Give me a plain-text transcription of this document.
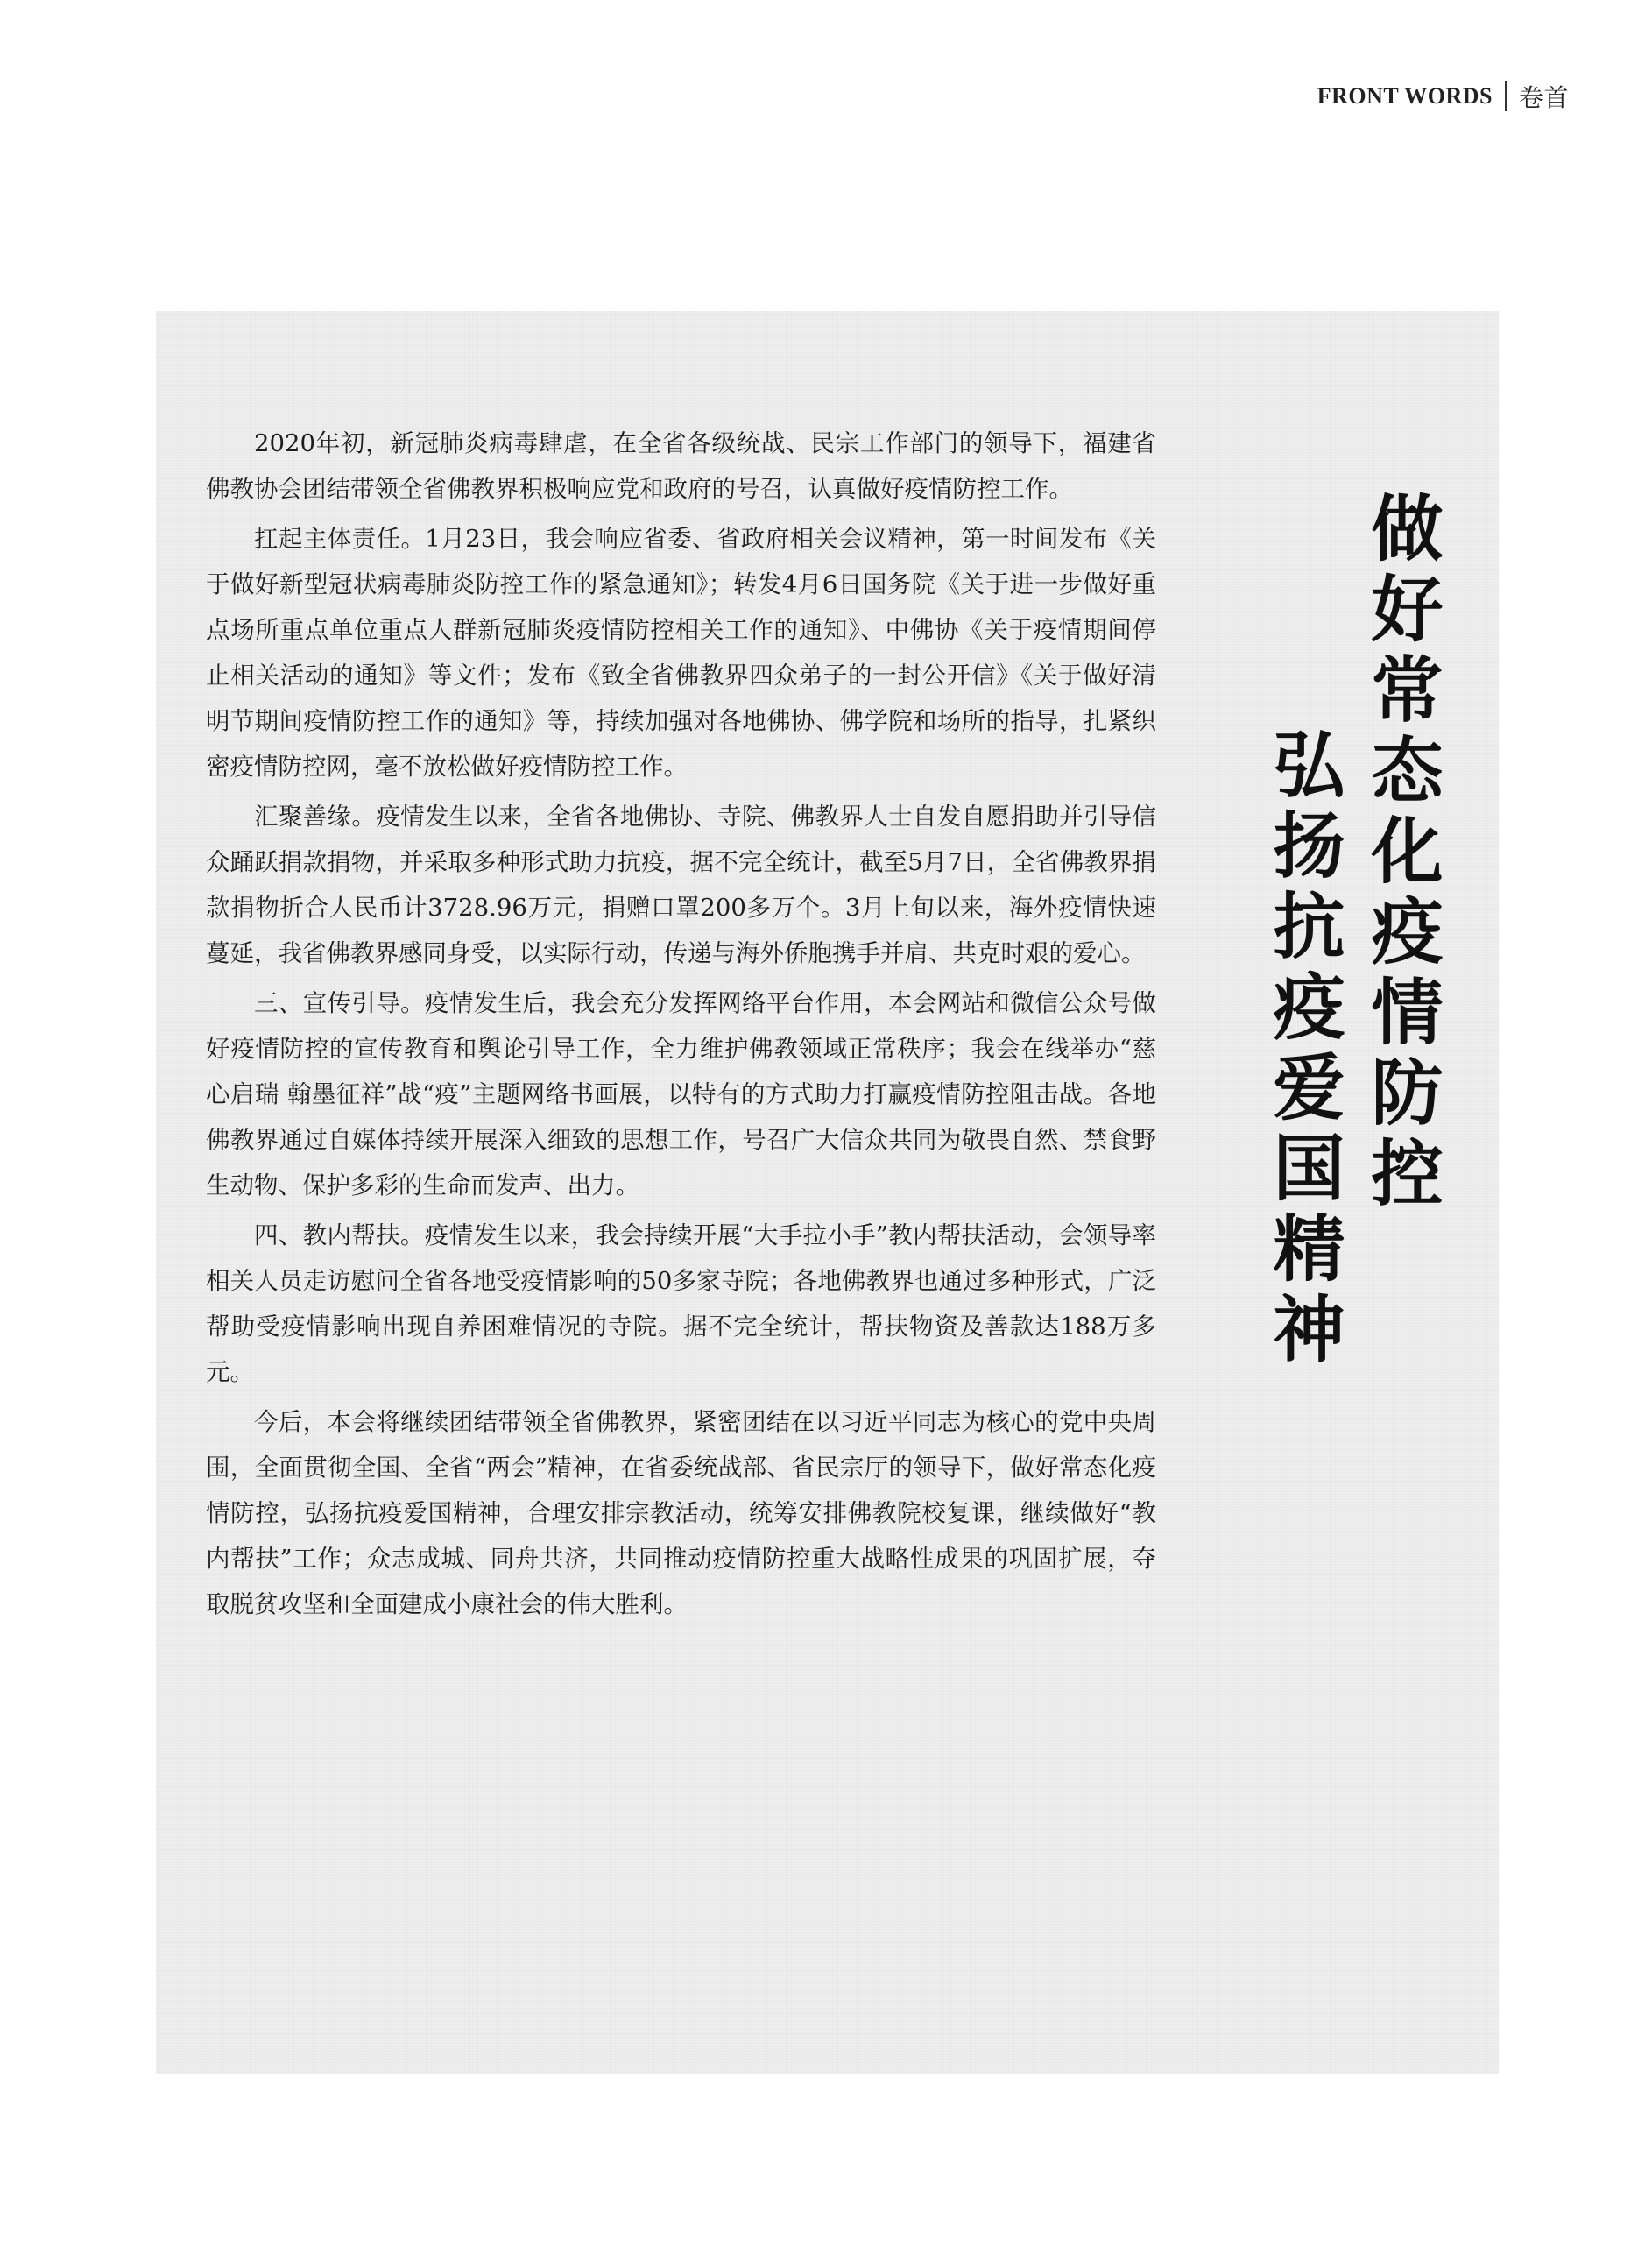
FRONT WORDS 卷首

2020年初，新冠肺炎病毒肆虐，在全省各级统战、民宗工作部门的领导下，福建省佛教协会团结带领全省佛教界积极响应党和政府的号召，认真做好疫情防控工作。

扛起主体责任。1月23日，我会响应省委、省政府相关会议精神，第一时间发布《关于做好新型冠状病毒肺炎防控工作的紧急通知》；转发4月6日国务院《关于进一步做好重点场所重点单位重点人群新冠肺炎疫情防控相关工作的通知》、中佛协《关于疫情期间停止相关活动的通知》等文件；发布《致全省佛教界四众弟子的一封公开信》《关于做好清明节期间疫情防控工作的通知》等，持续加强对各地佛协、佛学院和场所的指导，扎紧织密疫情防控网，毫不放松做好疫情防控工作。

汇聚善缘。疫情发生以来，全省各地佛协、寺院、佛教界人士自发自愿捐助并引导信众踊跃捐款捐物，并采取多种形式助力抗疫，据不完全统计，截至5月7日，全省佛教界捐款捐物折合人民币计3728.96万元，捐赠口罩200多万个。3月上旬以来，海外疫情快速蔓延，我省佛教界感同身受，以实际行动，传递与海外侨胞携手并肩、共克时艰的爱心。

三、宣传引导。疫情发生后，我会充分发挥网络平台作用，本会网站和微信公众号做好疫情防控的宣传教育和舆论引导工作，全力维护佛教领域正常秩序；我会在线举办“慈心启瑞 翰墨征祥”战“疫”主题网络书画展，以特有的方式助力打赢疫情防控阻击战。各地佛教界通过自媒体持续开展深入细致的思想工作，号召广大信众共同为敬畏自然、禁食野生动物、保护多彩的生命而发声、出力。

四、教内帮扶。疫情发生以来，我会持续开展“大手拉小手”教内帮扶活动，会领导率相关人员走访慰问全省各地受疫情影响的50多家寺院；各地佛教界也通过多种形式，广泛帮助受疫情影响出现自养困难情况的寺院。据不完全统计，帮扶物资及善款达188万多元。

今后，本会将继续团结带领全省佛教界，紧密团结在以习近平同志为核心的党中央周围，全面贯彻全国、全省“两会”精神，在省委统战部、省民宗厅的领导下，做好常态化疫情防控，弘扬抗疫爱国精神，合理安排宗教活动，统筹安排佛教院校复课，继续做好“教内帮扶”工作；众志成城、同舟共济，共同推动疫情防控重大战略性成果的巩固扩展，夺取脱贫攻坚和全面建成小康社会的伟大胜利。

做好常态化疫情防控
弘扬抗疫爱国精神
